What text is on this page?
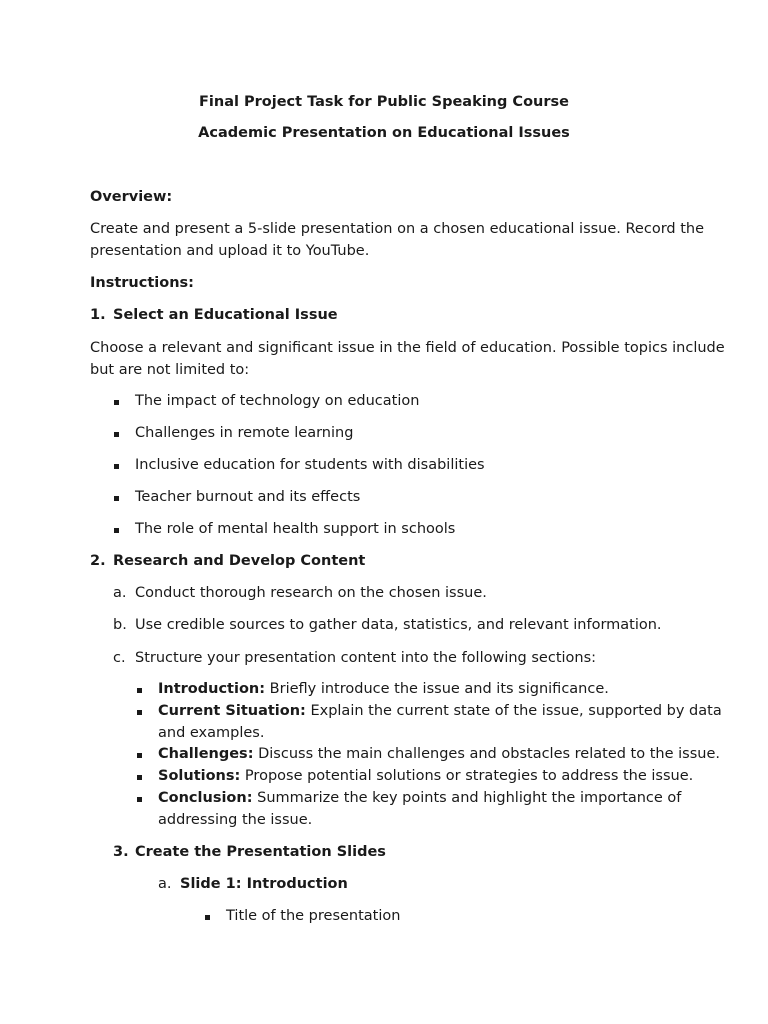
Final Project Task for Public Speaking Course
Academic Presentation on Educational Issues
Overview:
Create and present a 5-slide presentation on a chosen educational issue. Record the
presentation and upload it to YouTube.
Instructions:
1. Select an Educational Issue
Choose a relevant and significant issue in the field of education. Possible topics include
but are not limited to:
The impact of technology on education
Challenges in remote learning
Inclusive education for students with disabilities
Teacher burnout and its effects
The role of mental health support in schools
2. Research and Develop Content
a. Conduct thorough research on the chosen issue.
b. Use credible sources to gather data, statistics, and relevant information.
c. Structure your presentation content into the following sections:
Introduction: Briefly introduce the issue and its significance.
Current Situation: Explain the current state of the issue, supported by data
and examples.
Challenges: Discuss the main challenges and obstacles related to the issue.
Solutions: Propose potential solutions or strategies to address the issue.
Conclusion: Summarize the key points and highlight the importance of
addressing the issue.
3. Create the Presentation Slides
a. Slide 1: Introduction
Title of the presentation
